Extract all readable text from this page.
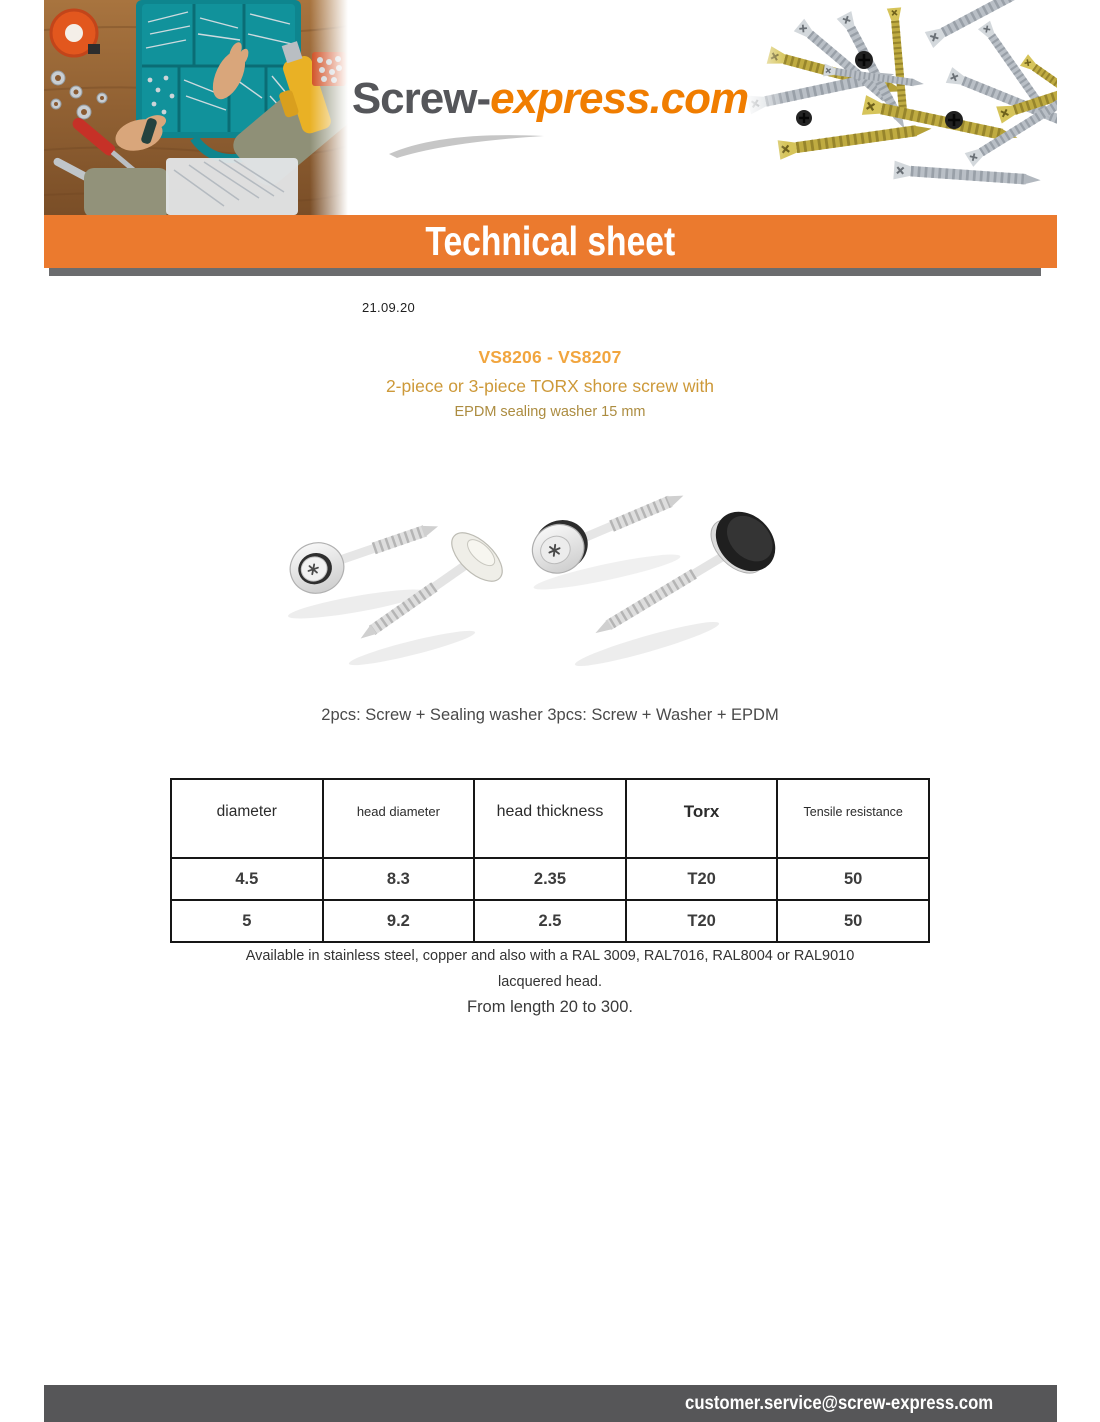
Screw-express.com
Technical sheet
21.09.20
VS8206 - VS8207
2-piece or 3-piece TORX shore screw with
EPDM sealing washer 15 mm
2pcs: Screw + Sealing washer 3pcs: Screw + Washer + EPDM
diameter	head diameter	head thickness	Torx	Tensile resistance
4.5	8.3	2.35	T20	50
5	9.2	2.5	T20	50
Available in stainless steel, copper and also with a RAL 3009, RAL7016, RAL8004 or RAL9010
lacquered head.
From length 20 to 300.
customer.service@screw-express.com
